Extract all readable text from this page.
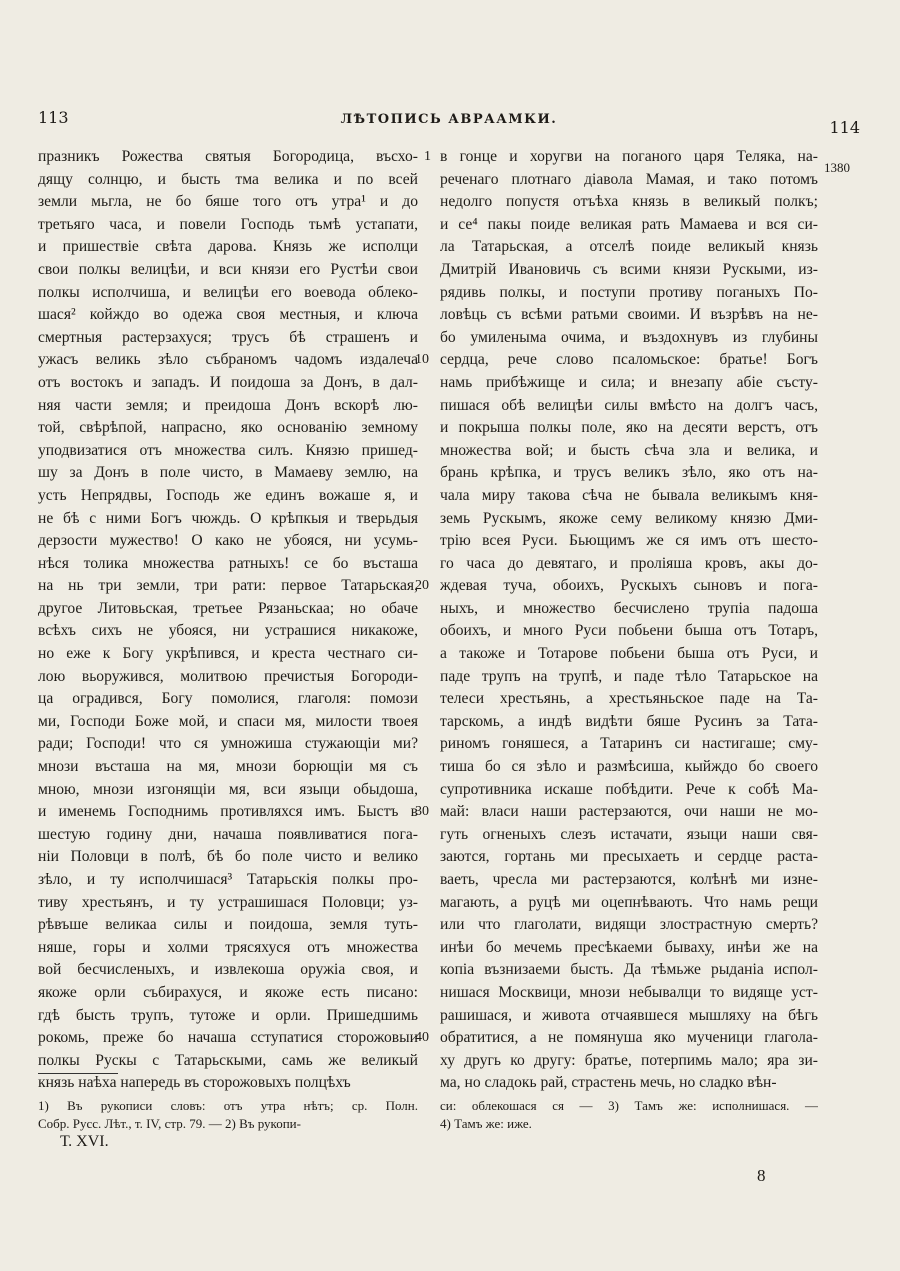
113	ЛѢТОПИСЬ АВРААМКИ.	114
1380
празникъ Рожества святыя Богородица, въсхо-
дящу солнцю, и бысть тма велика и по всей
земли мьгла, не бо бяше того отъ утра¹ и до
третьяго часа, и повели Господь тьмѣ устапати,
и пришествіе свѣта дарова. Князь же исполци
свои полкы велицѣи, и вси князи его Рустѣи свои
полкы исполчиша, и велицѣи его воевода облеко-
шася² койждо во одежа своя местныя, и ключа
смертныя растерзахуся; трусъ бѣ страшенъ и
ужасъ великь зѣло събраномъ чадомъ издалеча
отъ востокъ и западъ. И поидоша за Донъ, в дал-
няя части земля; и преидоша Донъ вскорѣ лю-
той, свѣрѣпой, напрасно, яко основанію земному
уподвизатися отъ множества силъ. Князю пришед-
шу за Донъ в поле чисто, в Мамаеву землю, на
усть Непрядвы, Господь же единъ вожаше я, и
не бѣ с ними Богъ чюждь. О крѣпкыя и тверьдыя
дерзости мужество! О како не убояся, ни усумь-
нѣся толика множества ратныхъ! се бо въсташа
на нь три земли, три рати: первое Татарьская,
другое Литовьская, третьее Рязаньскаа; но обаче
всѣхъ сихъ не убояся, ни устрашися никакоже,
но еже к Богу укрѣпився, и креста честнаго си-
лою вьоружився, молитвою пречистыя Богороди-
ца оградився, Богу помолися, глаголя: помози
ми, Господи Боже мой, и спаси мя, милости твоея
ради; Господи! что ся умножиша стужающіи ми?
мнози въсташа на мя, мнози борющіи мя съ
мною, мнози изгонящіи мя, вси языци обыдоша,
и именемь Господнимь противляхся имъ. Быстъ в
шестую годину дни, начаша появливатися пога-
ніи Половци в полѣ, бѣ бо поле чисто и велико
зѣло, и ту исполчишася³ Татарьскія полкы про-
тиву хрестьянъ, и ту устрашишася Половци; уз-
рѣвъше великаа силы и поидоша, земля туть-
няше, горы и холми трясяхуся отъ множества
вой бесчисленыхъ, и извлекоша оружіа своя, и
якоже орли събирахуся, и якоже есть писано:
гдѣ бысть трупъ, тутоже и орли. Пришедшимь
рокомь, преже бо начаша сступатися сторожовыи
полкы Рускы с Татарьскыми, самь же великый
князь наѣха напередь въ сторожовыхъ полцѣхъ
в гонце и хоругви на поганого царя Теляка, на-
реченагo плотнаго діавола Мамая, и тако потомъ
недолго попустя отъѣха князь в великый полкъ;
и се⁴ пакы поиде великая рать Мамаева и вся си-
ла Татарьская, а отселѣ поиде великый князь
Дмитрій Ивановичь съ всими князи Рускыми, из-
рядивь полкы, и поступи противу поганыхъ По-
ловѣць съ всѣми ратьми своими. И възрѣвъ на не-
бо умиленыма очима, и въздохнувъ из глубины
сердца, рече слово псаломьское: братье! Богъ
намь прибѣжище и сила; и внезапу абіе състу-
пишася обѣ велицѣи силы вмѣсто на долгъ часъ,
и покрыша полкы поле, яко на десяти верстъ, отъ
множества вой; и бысть сѣча зла и велика, и
брань крѣпка, и трусъ великъ зѣло, яко отъ на-
чала миру такова сѣча не бывала великымъ кня-
земь Рускымъ, якоже сему великому князю Дми-
трію всея Руси. Бьющимъ же ся имъ отъ шесто-
го часа до девятаго, и проліяша кровъ, акы до-
ждевая туча, обоихъ, Рускыхъ сыновъ и пога-
ныхъ, и множество бесчислено трупіа падоша
обоихъ, и много Руси побьени быша отъ Тотаръ,
а такоже и Тотарове побьени быша отъ Руси, и
паде трупъ на трупѣ, и паде тѣло Татарьское на
телеси хрестьянь, а хрестьяньское паде на Та-
тарскомь, а индѣ видѣти бяше Русинъ за Тата-
риномъ гоняшеся, а Татаринъ си настигаше; смy-
тиша бо ся зѣло и размѣсиша, кыйждо бо своего
супротивника искаше побѣдити. Рече к собѣ Ма-
май: власи наши растерзаются, очи наши не мо-
гуть огненыхъ слезъ истачати, языци наши свя-
заются, гортань ми пресыхаеть и сердце раста-
ваеть, чресла ми растерзаются, колѣнѣ ми изне-
магають, а руцѣ ми оцепнѣвають. Что намь рещи
или что глаголати, видящи злострастную смерть?
инѣи бо мечемь пресѣкаеми бываху, инѣи же на
копіа възнизаеми бысть. Да тѣмьже рыданіа испол-
нишася Москвици, мнози небывалци то видяще уст-
рашишася, и живота отчаявшеся мышляху на бѣгь
обратитися, а не помянуша яко мученици глагола-
ху другь ко другу: братье, потерпимь мало; яра зи-
ма, но сладокь рай, страстень мечь, но сладко вѣн-
1
10
20
30
40
1) Въ рукописи словъ: отъ утра нѣтъ; ср. Полн.
Собр. Русс. Лѣт., т. IV, стр. 79. — 2) Въ рукопи-
си: облекошася ся — 3) Тамъ же: исполнишася. —
4) Тамъ же: иже.
Т. XVI.
8
